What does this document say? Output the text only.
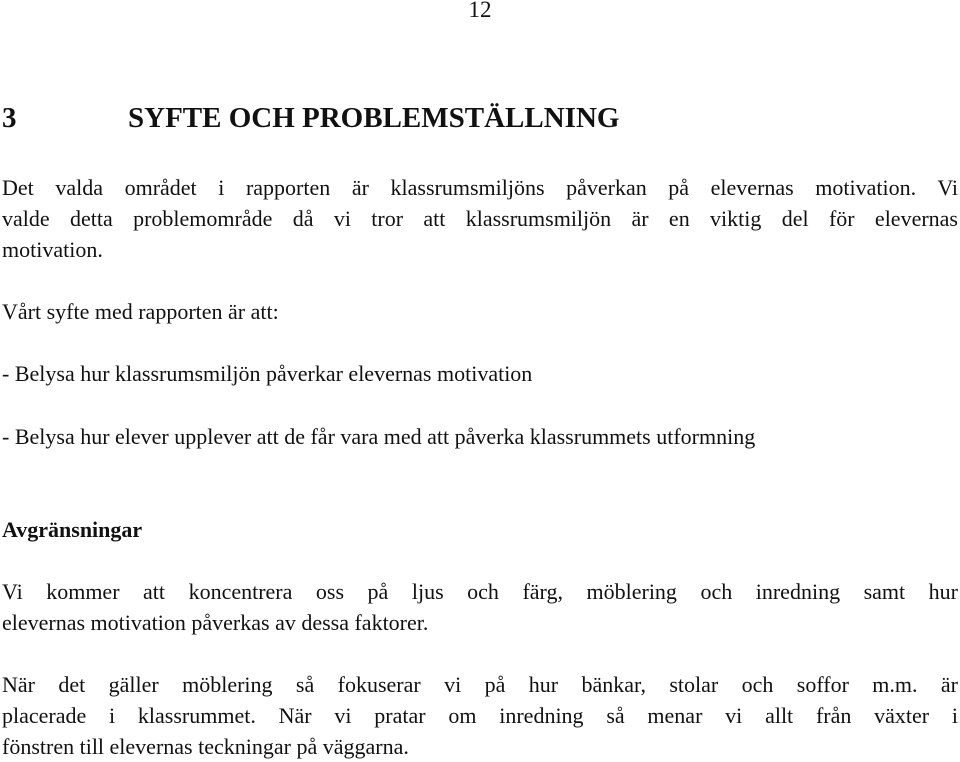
12
3	SYFTE OCH PROBLEMSTÄLLNING

Det valda området i rapporten är klassrumsmiljöns påverkan på elevernas motivation. Vi
valde detta problemområde då vi tror att klassrumsmiljön är en viktig del för elevernas
motivation.

Vårt syfte med rapporten är att:

- Belysa hur klassrumsmiljön påverkar elevernas motivation

- Belysa hur elever upplever att de får vara med att påverka klassrummets utformning

Avgränsningar

Vi kommer att koncentrera oss på ljus och färg, möblering och inredning samt hur
elevernas motivation påverkas av dessa faktorer.

När det gäller möblering så fokuserar vi på hur bänkar, stolar och soffor m.m. är
placerade i klassrummet. När vi pratar om inredning så menar vi allt från växter i
fönstren till elevernas teckningar på väggarna.
